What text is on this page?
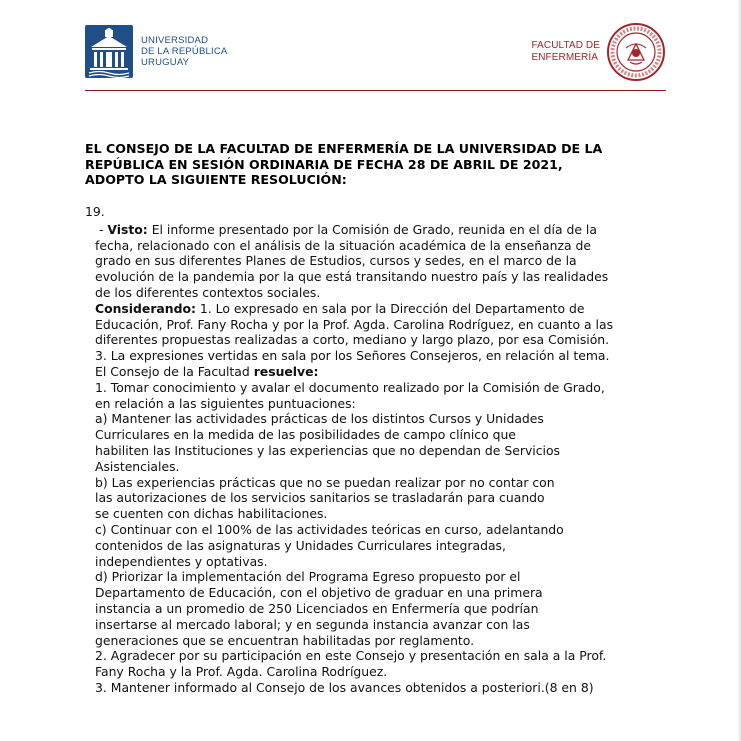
UNIVERSIDAD
DE LA REPÚBLICA
URUGUAY
FACULTAD DE
ENFERMERÍA
EL CONSEJO DE LA FACULTAD DE ENFERMERÍA DE LA UNIVERSIDAD DE LA
REPÚBLICA EN SESIÓN ORDINARIA DE FECHA 28 DE ABRIL DE 2021,
ADOPTO LA SIGUIENTE RESOLUCIÓN:
19.
- Visto: El informe presentado por la Comisión de Grado, reunida en el día de la
fecha, relacionado con el análisis de la situación académica de la enseñanza de
grado en sus diferentes Planes de Estudios, cursos y sedes, en el marco de la
evolución de la pandemia por la que está transitando nuestro país y las realidades
de los diferentes contextos sociales.
Considerando: 1. Lo expresado en sala por la Dirección del Departamento de
Educación, Prof. Fany Rocha y por la Prof. Agda. Carolina Rodríguez, en cuanto a las
diferentes propuestas realizadas a corto, mediano y largo plazo, por esa Comisión.
3. La expresiones vertidas en sala por los Señores Consejeros, en relación al tema.
El Consejo de la Facultad resuelve:
1. Tomar conocimiento y avalar el documento realizado por la Comisión de Grado,
en relación a las siguientes puntuaciones:
a) Mantener las actividades prácticas de los distintos Cursos y Unidades
Curriculares en la medida de las posibilidades de campo clínico que
habiliten las Instituciones y las experiencias que no dependan de Servicios
Asistenciales.
b) Las experiencias prácticas que no se puedan realizar por no contar con
las autorizaciones de los servicios sanitarios se trasladarán para cuando
se cuenten con dichas habilitaciones.
c) Continuar con el 100% de las actividades teóricas en curso, adelantando
contenidos de las asignaturas y Unidades Curriculares integradas,
independientes y optativas.
d) Priorizar la implementación del Programa Egreso propuesto por el
Departamento de Educación, con el objetivo de graduar en una primera
instancia a un promedio de 250 Licenciados en Enfermería que podrían
insertarse al mercado laboral; y en segunda instancia avanzar con las
generaciones que se encuentran habilitadas por reglamento.
2. Agradecer por su participación en este Consejo y presentación en sala a la Prof.
Fany Rocha y la Prof. Agda. Carolina Rodríguez.
3. Mantener informado al Consejo de los avances obtenidos a posteriori.(8 en 8)
